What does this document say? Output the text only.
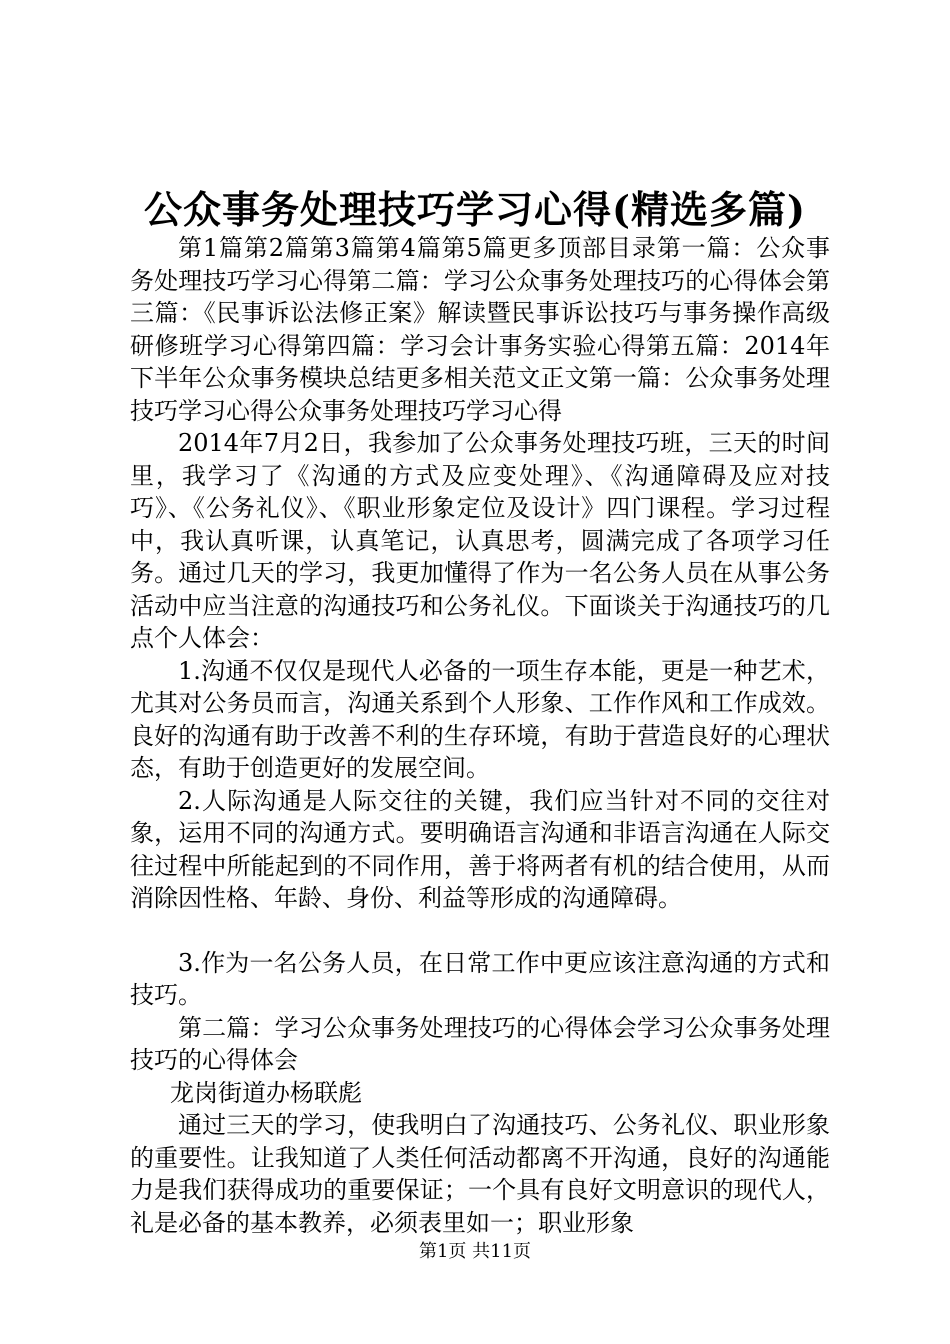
公众事务处理技巧学习心得(精选多篇)

第1篇第2篇第3篇第4篇第5篇更多顶部目录第一篇：公众事务处理技巧学习心得第二篇：学习公众事务处理技巧的心得体会第三篇：《民事诉讼法修正案》解读暨民事诉讼技巧与事务操作高级研修班学习心得第四篇：学习会计事务实验心得第五篇：2014年下半年公众事务模块总结更多相关范文正文第一篇：公众事务处理技巧学习心得公众事务处理技巧学习心得

2014年7月2日，我参加了公众事务处理技巧班，三天的时间里，我学习了《沟通的方式及应变处理》、《沟通障碍及应对技巧》、《公务礼仪》、《职业形象定位及设计》四门课程。学习过程中，我认真听课，认真笔记，认真思考，圆满完成了各项学习任务。通过几天的学习，我更加懂得了作为一名公务人员在从事公务活动中应当注意的沟通技巧和公务礼仪。下面谈关于沟通技巧的几点个人体会：

1.沟通不仅仅是现代人必备的一项生存本能，更是一种艺术，尤其对公务员而言，沟通关系到个人形象、工作作风和工作成效。良好的沟通有助于改善不利的生存环境，有助于营造良好的心理状态，有助于创造更好的发展空间。

2.人际沟通是人际交往的关键，我们应当针对不同的交往对象，运用不同的沟通方式。要明确语言沟通和非语言沟通在人际交往过程中所能起到的不同作用，善于将两者有机的结合使用，从而消除因性格、年龄、身份、利益等形成的沟通障碍。

3.作为一名公务人员，在日常工作中更应该注意沟通的方式和技巧。

第二篇：学习公众事务处理技巧的心得体会学习公众事务处理技巧的心得体会

龙岗街道办杨联彪

通过三天的学习，使我明白了沟通技巧、公务礼仪、职业形象的重要性。让我知道了人类任何活动都离不开沟通，良好的沟通能力是我们获得成功的重要保证；一个具有良好文明意识的现代人，礼是必备的基本教养，必须表里如一；职业形象

第1页 共11页
